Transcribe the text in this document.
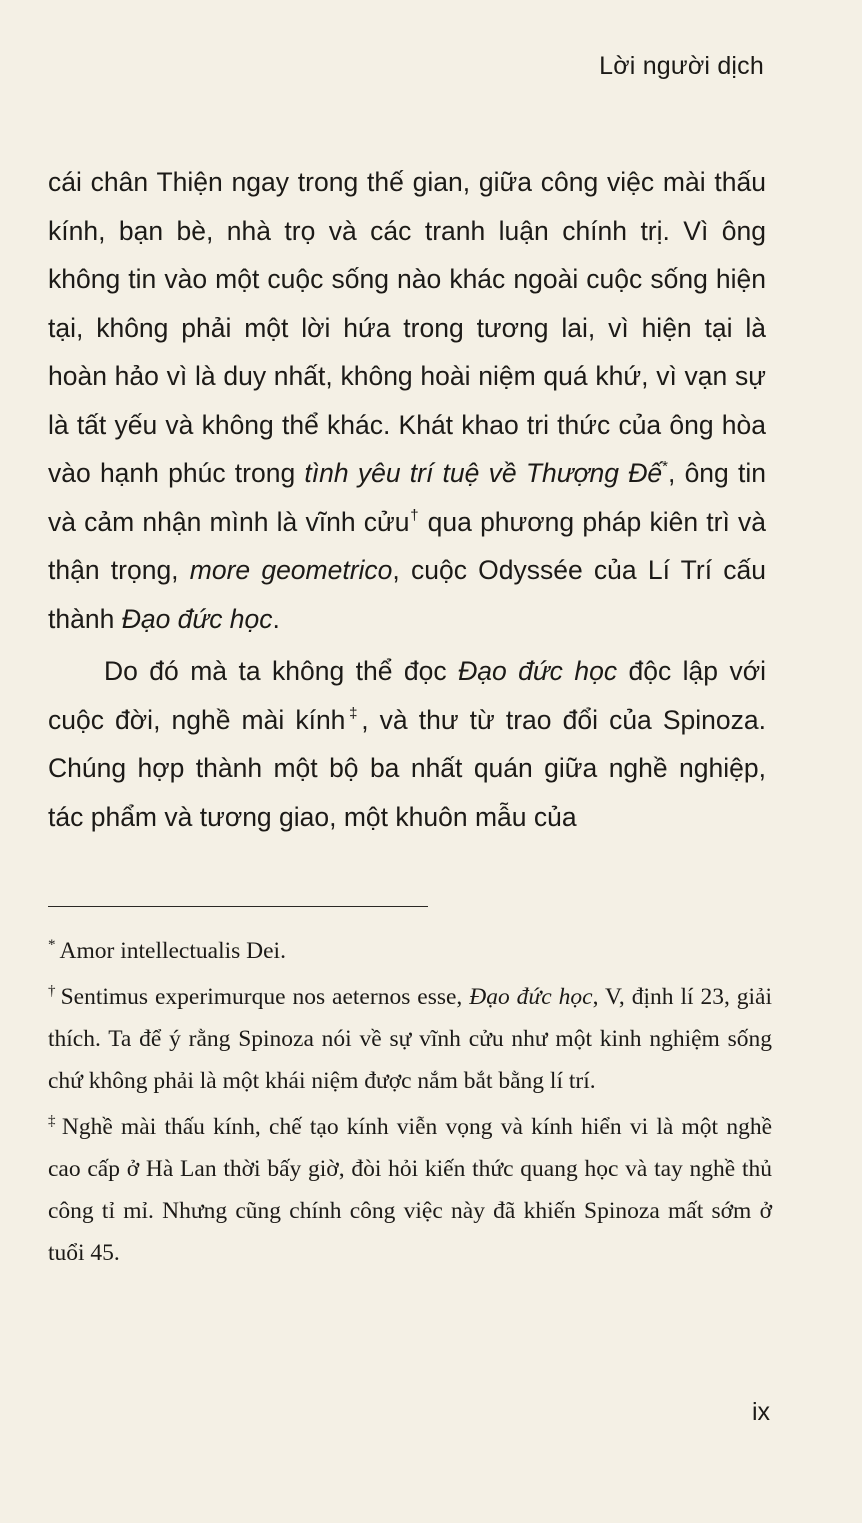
Lời người dịch

cái chân Thiện ngay trong thế gian, giữa công việc mài thấu kính, bạn bè, nhà trọ và các tranh luận chính trị. Vì ông không tin vào một cuộc sống nào khác ngoài cuộc sống hiện tại, không phải một lời hứa trong tương lai, vì hiện tại là hoàn hảo vì là duy nhất, không hoài niệm quá khứ, vì vạn sự là tất yếu và không thể khác. Khát khao tri thức của ông hòa vào hạnh phúc trong tình yêu trí tuệ về Thượng Đế*, ông tin và cảm nhận mình là vĩnh cửu† qua phương pháp kiên trì và thận trọng, more geometrico, cuộc Odyssée của Lí Trí cấu thành Đạo đức học.

Do đó mà ta không thể đọc Đạo đức học độc lập với cuộc đời, nghề mài kính‡, và thư từ trao đổi của Spinoza. Chúng hợp thành một bộ ba nhất quán giữa nghề nghiệp, tác phẩm và tương giao, một khuôn mẫu của

* Amor intellectualis Dei.

† Sentimus experimurque nos aeternos esse, Đạo đức học, V, định lí 23, giải thích. Ta để ý rằng Spinoza nói về sự vĩnh cửu như một kinh nghiệm sống chứ không phải là một khái niệm được nắm bắt bằng lí trí.

‡ Nghề mài thấu kính, chế tạo kính viễn vọng và kính hiển vi là một nghề cao cấp ở Hà Lan thời bấy giờ, đòi hỏi kiến thức quang học và tay nghề thủ công tỉ mỉ. Nhưng cũng chính công việc này đã khiến Spinoza mất sớm ở tuổi 45.

ix
